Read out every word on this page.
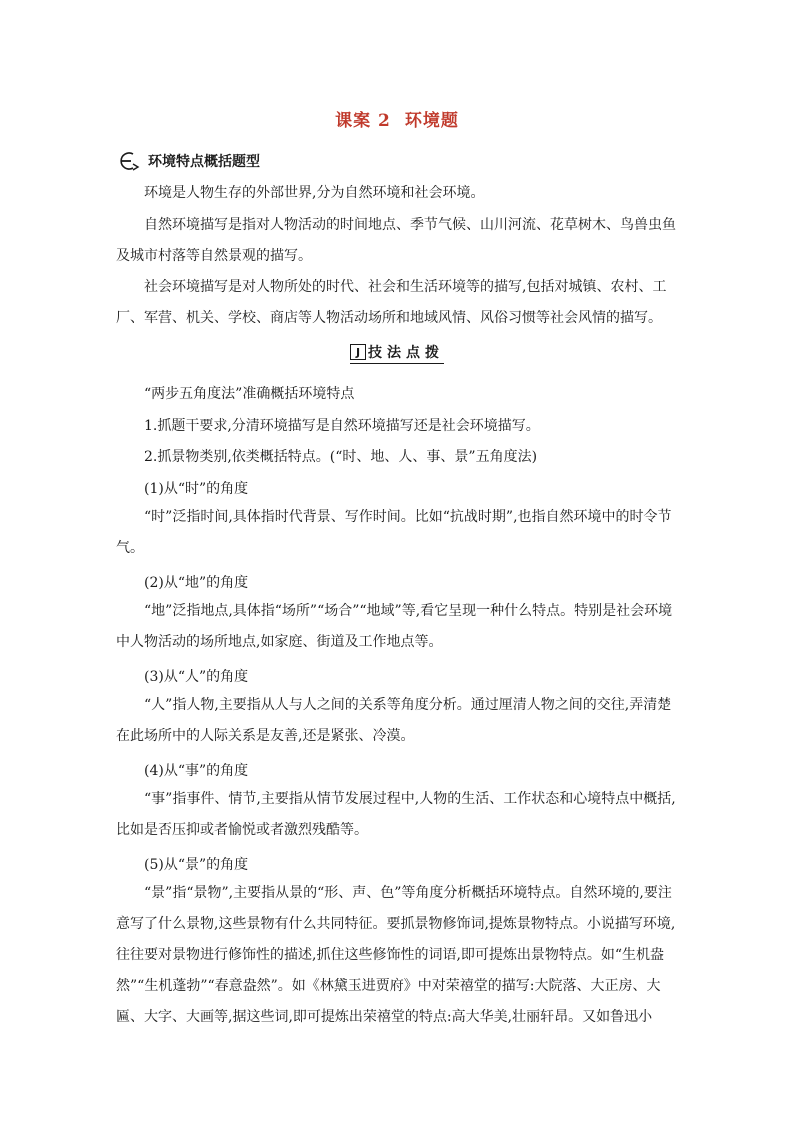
课案 2 环境题
环境特点概括题型

环境是人物生存的外部世界,分为自然环境和社会环境。

自然环境描写是指对人物活动的时间地点、季节气候、山川河流、花草树木、鸟兽虫鱼及城市村落等自然景观的描写。

社会环境描写是对人物所处的时代、社会和生活环境等的描写,包括对城镇、农村、工厂、军营、机关、学校、商店等人物活动场所和地域风情、风俗习惯等社会风情的描写。

J 技法点拨

“两步五角度法”准确概括环境特点

1.抓题干要求,分清环境描写是自然环境描写还是社会环境描写。

2.抓景物类别,依类概括特点。(“时、地、人、事、景”五角度法)

(1)从“时”的角度

“时”泛指时间,具体指时代背景、写作时间。比如“抗战时期”,也指自然环境中的时令节气。

(2)从“地”的角度

“地”泛指地点,具体指“场所”“场合”“地域”等,看它呈现一种什么特点。特别是社会环境中人物活动的场所地点,如家庭、街道及工作地点等。

(3)从“人”的角度

“人”指人物,主要指从人与人之间的关系等角度分析。通过厘清人物之间的交往,弄清楚在此场所中的人际关系是友善,还是紧张、冷漠。

(4)从“事”的角度

“事”指事件、情节,主要指从情节发展过程中,人物的生活、工作状态和心境特点中概括,比如是否压抑或者愉悦或者激烈残酷等。

(5)从“景”的角度

“景”指“景物”,主要指从景的“形、声、色”等角度分析概括环境特点。自然环境的,要注意写了什么景物,这些景物有什么共同特征。要抓景物修饰词,提炼景物特点。小说描写环境,往往要对景物进行修饰性的描述,抓住这些修饰性的词语,即可提炼出景物特点。如“生机盎然”“生机蓬勃”“春意盎然”。如《林黛玉进贾府》中对荣禧堂的描写:大院落、大正房、大匾、大字、大画等,据这些词,即可提炼出荣禧堂的特点:高大华美,壮丽轩昂。又如鲁迅小
